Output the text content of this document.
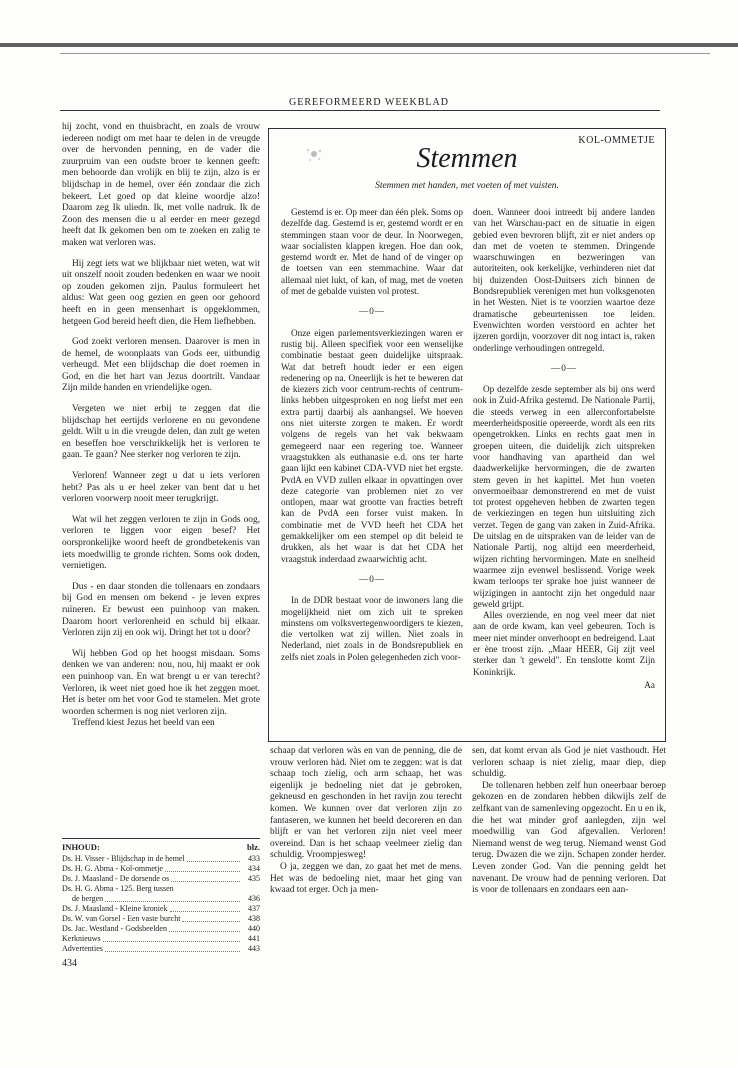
GEREFORMEERD WEEKBLAD

hij zocht, vond en thuisbracht, en zoals de vrouw iedereen nodigt om met haar te delen in de vreugde over de hervonden penning, en de vader die zuurpruim van een oudste broer te kennen geeft: men behoorde dan vrolijk en blij te zijn, alzo is er blijdschap in de hemel, over één zondaar die zich bekeert. Let goed op dat kleine woordje alzo! Daarom zeg Ik uliedn. Ik, met volle nadruk. Ik de Zoon des mensen die u al eerder en meer gezegd heeft dat Ik gekomen ben om te zoeken en zalig te maken wat verloren was.

Hij zegt iets wat we blijkbaar niet weten, wat wit uit onszelf nooit zouden bedenken en waar we nooit op zouden gekomen zijn. Paulus formuleert het aldus: Wat geen oog gezien en geen oor gehoord heeft en in geen mensenhart is opgeklommen, hetgeen God bereid heeft dien, die Hem liefhebben.

God zoekt verloren mensen. Daarover is men in de hemel, de woonplaats van Gods eer, uitbundig verheugd. Met een blijdschap die doet roemen in God, en die het hart van Jezus doortrilt. Vandaar Zijn milde handen en vriendelijke ogen.

Vergeten we niet erbij te zeggen dat die blijdschap het eertijds verlorene en nu gevondene geldt. Wilt u in die vreugde delen, dan zult ge weten en beseffen hoe verschrikkelijk het is verloren te gaan. Te gaan? Nee sterker nog verloren te zijn.

Verloren! Wanneer zegt u dat u iets verloren hebt? Pas als u er heel zeker van bent dat u het verloren voorwerp nooit meer terugkrijgt.

Wat wil het zeggen verloren te zijn in Gods oog, verloren te liggen voor eigen besef? Het oorspronkelijke woord heeft de grondbetekenis van iets moedwillig te gronde richten. Soms ook doden, vernietigen.

Dus - en daar stonden die tollenaars en zondaars bij God en mensen om bekend - je leven expres ruïneren. Er bewust een puinhoop van maken. Daarom hoort verlorenheid en schuld bij elkaar. Verloren zijn zij en ook wij. Dringt het tot u door?

Wij hebben God op het hoogst misdaan. Soms denken we van anderen: nou, nou, hij maakt er ook een puinhoop van. En wat brengt u er van terecht? Verloren, ik weet niet goed hoe ik het zeggen moet. Het is beter om het voor God te stamelen. Met grote woorden schermen is nog niet verloren zijn.

Treffend kiest Jezus het beeld van een

KOL-OMMETJE
Stemmen
Stemmen met handen, met voeten of met vuisten.

Gestemd is er. Op meer dan één plek. Soms op dezelfde dag. Gestemd is er, gestemd wordt er en stemmingen staan voor de deur. In Noorwegen, waar socialisten klappen kregen. Hoe dan ook, gestemd wordt er. Met de hand of de vinger op de toetsen van een stemmachine. Waar dat allemaal niet lukt, of kan, of mag, met de voeten of met de gebalde vuisten vol protest.

—0—

Onze eigen parlementsverkiezingen waren er rustig bij. Alleen specifiek voor een wenselijke combinatie bestaat geen duidelijke uitspraak. Wat dat betreft houdt ieder er een eigen redenering op na. Oneerlijk is het te beweren dat de kiezers zich voor centrum-rechts of centrum-links hebben uitgesproken en nog liefst met een extra partij daarbij als aanhangsel. We hoeven ons niet uiterste zorgen te maken. Er wordt volgens de regels van het vak bekwaam gemegeerd naar een regering toe. Wanneer vraagstukken als euthanasie e.d. ons ter harte gaan lijkt een kabinet CDA-VVD niet het ergste. PvdA en VVD zullen elkaar in opvattingen over deze categorie van problemen niet zo ver ontlopen, maar wat grootte van fracties betreft kan de PvdA een forser vuist maken. In combinatie met de VVD heeft het CDA het gemakkelijker om een stempel op dit beleid te drukken, als het waar is dat het CDA het vraagstuk inderdaad zwaarwichtig acht.

—0—

In de DDR bestaat voor de inwoners lang die mogelijkheid niet om zich uit te spreken minstens om volksvertegenwoordigers te kiezen, die vertolken wat zij willen. Niet zoals in Nederland, niet zoals in de Bondsrepubliek en zelfs niet zoals in Polen gelegenheden zich voor-

doen. Wanneer dooi intreedt bij andere landen van het Warschau-pact en de situatie in eigen gebied even bevroren blijft, zit er niet anders op dan met de voeten te stemmen. Dringende waarschuwingen en bezweringen van autoriteiten, ook kerkelijke, verhinderen niet dat bij duizenden Oost-Duitsers zich binnen de Bondsrepubliek verenigen met hun volksgenoten in het Westen. Niet is te voorzien waartoe deze dramatische gebeurtenissen toe leiden. Evenwichten worden verstoord en achter het ijzeren gordijn, voorzover dit nog intact is, raken onderlinge verhoudingen ontregeld.

—0—

Op dezelfde zesde september als bij ons werd ook in Zuid-Afrika gestemd. De Nationale Partij, die steeds verweg in een allerconfortabelste meerderheidspositie opereerde, wordt als een rits opengetrokken. Links en rechts gaat men in groepen uiteen, die duidelijk zich uitspreken voor handhaving van apartheid dan wel daadwerkelijke hervormingen, die de zwarten stem geven in het kapittel. Met hun voeten onvermoeibaar demonstrerend en met de vuist tot protest opgeheven hebben de zwarten tegen de verkiezingen en tegen hun uitsluiting zich verzet. Tegen de gang van zaken in Zuid-Afrika. De uitslag en de uitspraken van de leider van de Nationale Partij, nog altijd een meerderheid, wijzen richting hervormingen. Mate en snelheid waarmee zijn evenwel beslissend. Vorige week kwam terloops ter sprake hoe juist wanneer de wijzigingen in aantocht zijn het ongeduld naar geweld grijpt.

Alles overziende, en nog veel meer dat niet aan de orde kwam, kan veel gebeuren. Toch is meer niet minder onverhoopt en bedreigend. Laat er ène troost zijn. „Maar HEER, Gij zijt veel sterker dan 't geweld". En tenslotte komt Zijn Koninkrijk.

Aa

schaap dat verloren wàs en van de penning, die de vrouw verloren hàd. Niet om te zeggen: wat is dat schaap toch zielig, och arm schaap, het was eigenlijk je bedoeling niet dat je gebroken, gekneusd en geschonden in het ravijn zou terecht komen. We kunnen over dat verloren zijn zo fantaseren, we kunnen het beeld decoreren en dan blijft er van het verloren zijn niet veel meer overeind. Dan is het schaap veelmeer zielig dan schuldig. Vroompjesweg!

O ja, zeggen we dan, zo gaat het met de mens. Het was de bedoeling niet, maar het ging van kwaad tot erger. Och ja men-

sen, dat komt ervan als God je niet vasthoudt. Het verloren schaap is niet zielig, maar diep, diep schuldig.

De tollenaren hebben zelf hun oneerbaar beroep gekozen en de zondaren hebben dikwijls zelf de zelfkant van de samenleving opgezocht. En u en ik, die het wat minder grof aanlegden, zijn wel moedwillig van God afgevallen. Verloren! Niemand wenst de weg terug. Niemand wenst God terug. Dwazen die we zijn. Schapen zonder herder. Leven zonder God. Van die penning geldt het navenant. De vrouw had de penning verloren. Dat is voor de tollenaars en zondaars een aan-

INHOUD:	blz.
Ds. H. Visser - Blijdschap in de hemel	433
Ds. H. G. Abma - Kol-ommetje	434
Ds. J. Maasland - De dorsende os	435
Ds. H. G. Abma - 125. Berg tussen
de bergen	436
Ds. J. Maasland - Kleine kroniek	437
Ds. W. van Gorsel - Een vaste burcht	438
Ds. Jac. Westland - Godsbeelden	440
Kerknieuws	441
Advertenties	443
434
